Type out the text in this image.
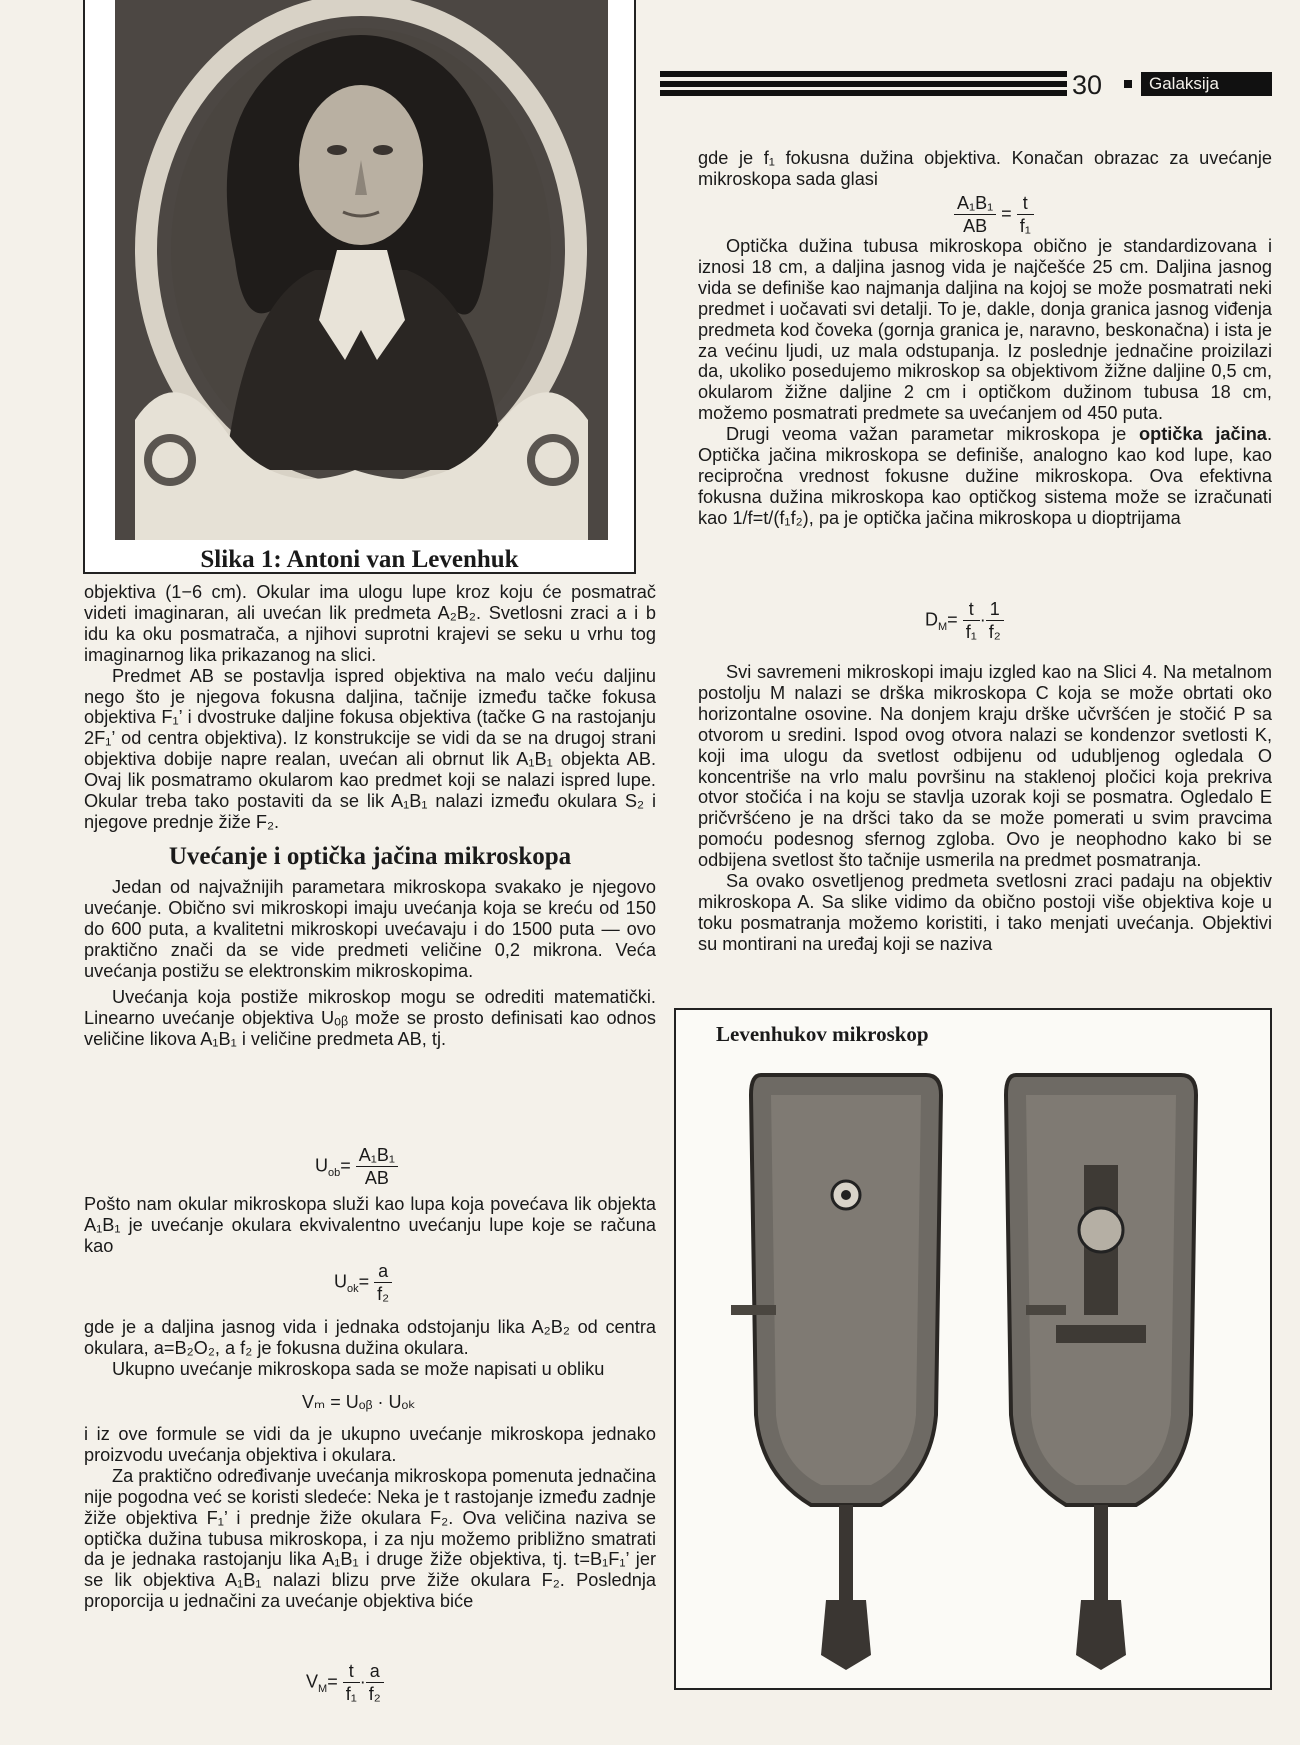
Slika 1: Antoni van Levenhuk
30	Galaksija

objektiva (1−6 cm). Okular ima ulogu lupe kroz koju će posmatrač videti imaginaran, ali uvećan lik predmeta A₂B₂. Svetlosni zraci a i b idu ka oku posmatrača, a njihovi suprotni krajevi se seku u vrhu tog imaginarnog lika prikazanog na slici.

Predmet AB se postavlja ispred objektiva na malo veću daljinu nego što je njegova fokusna daljina, tačnije između tačke fokusa objektiva F₁’ i dvostruke daljine fokusa objektiva (tačke G na rastojanju 2F₁’ od centra objektiva). Iz konstrukcije se vidi da se na drugoj strani objektiva dobije napre realan, uvećan ali obrnut lik A₁B₁ objekta AB. Ovaj lik posmatramo okularom kao predmet koji se nalazi ispred lupe. Okular treba tako postaviti da se lik A₁B₁ nalazi između okulara S₂ i njegove prednje žiže F₂.

Uvećanje i optička jačina mikroskopa

Jedan od najvažnijih parametara mikroskopa svakako je njegovo uvećanje. Obično svi mikroskopi imaju uvećanja koja se kreću od 150 do 600 puta, a kvalitetni mikroskopi uvećavaju i do 1500 puta — ovo praktično znači da se vide predmeti veličine 0,2 mikrona. Veća uvećanja postižu se elektronskim mikroskopima.

Uvećanja koja postiže mikroskop mogu se odrediti matematički. Linearno uvećanje objektiva Uₒᵦ može se prosto definisati kao odnos veličine likova A₁B₁ i veličine predmeta AB, tj.

$U_{ob}= \frac{\text{A₁B₁}}{AB}$

Pošto nam okular mikroskopa služi kao lupa koja povećava lik objekta A₁B₁ je uvećanje okulara ekvivalentno uvećanju lupe koje se računa kao

$U_{ok}= \frac{a}{\text{f₂}}$

gde je a daljina jasnog vida i jednaka odstojanju lika A₂B₂ od centra okulara, a=B₂O₂, a f₂ je fokusna dužina okulara.

Ukupno uvećanje mikroskopa sada se može napisati u obliku

Vₘ = Uₒᵦ · Uₒₖ

i iz ove formule se vidi da je ukupno uvećanje mikroskopa jednako proizvodu uvećanja objektiva i okulara.

Za praktično određivanje uvećanja mikroskopa pomenuta jednačina nije pogodna već se koristi sledeće: Neka je t rastojanje između zadnje žiže objektiva F₁’ i prednje žiže okulara F₂. Ova veličina naziva se optička dužina tubusa mikroskopa, i za nju možemo približno smatrati da je jednaka rastojanju lika A₁B₁ i druge žiže objektiva, tj. t=B₁F₁’ jer se lik objektiva A₁B₁ nalazi blizu prve žiže okulara F₂. Poslednja proporcija u jednačini za uvećanje objektiva biće

$V_M= \frac{t}{\text{f₁}} \cdot \frac{a}{\text{f₂}}$

gde je f₁ fokusna dužina objektiva. Konačan obrazac za uvećanje mikroskopa sada glasi

$\frac{\text{A₁B₁}}{AB} = \frac{t}{\text{f₁}}$

Optička dužina tubusa mikroskopa obično je standardizovana i iznosi 18 cm, a daljina jasnog vida je najčešće 25 cm. Daljina jasnog vida se definiše kao najmanja daljina na kojoj se može posmatrati neki predmet i uočavati svi detalji. To je, dakle, donja granica jasnog viđenja predmeta kod čoveka (gornja granica je, naravno, beskonačna) i ista je za većinu ljudi, uz mala odstupanja. Iz poslednje jednačine proizilazi da, ukoliko posedujemo mikroskop sa objektivom žižne daljine 0,5 cm, okularom žižne daljine 2 cm i optičkom dužinom tubusa 18 cm, možemo posmatrati predmete sa uvećanjem od 450 puta.

Drugi veoma važan parametar mikroskopa je optička jačina. Optička jačina mikroskopa se definiše, analogno kao kod lupe, kao recipročna vrednost fokusne dužine mikroskopa. Ova efektivna fokusna dužina mikroskopa kao optičkog sistema može se izračunati kao 1/f=t/(f₁f₂), pa je optička jačina mikroskopa u dioptrijama

$D_M= \frac{t}{\text{f₁}} \cdot \frac{1}{\text{f₂}}$

Svi savremeni mikroskopi imaju izgled kao na Slici 4. Na metalnom postolju M nalazi se drška mikroskopa C koja se može obrtati oko horizontalne osovine. Na donjem kraju drške učvršćen je stočić P sa otvorom u sredini. Ispod ovog otvora nalazi se kondenzor svetlosti K, koji ima ulogu da svetlost odbijenu od udubljenog ogledala O koncentriše na vrlo malu površinu na staklenoj pločici koja prekriva otvor stočića i na koju se stavlja uzorak koji se posmatra. Ogledalo E pričvršćeno je na dršci tako da se može pomerati u svim pravcima pomoću podesnog sfernog zgloba. Ovo je neophodno kako bi se odbijena svetlost što tačnije usmerila na predmet posmatranja.

Sa ovako osvetljenog predmeta svetlosni zraci padaju na objektiv mikroskopa A. Sa slike vidimo da obično postoji više objektiva koje u toku posmatranja možemo koristiti, i tako menjati uvećanja. Objektivi su montirani na uređaj koji se naziva

Levenhukov mikroskop
